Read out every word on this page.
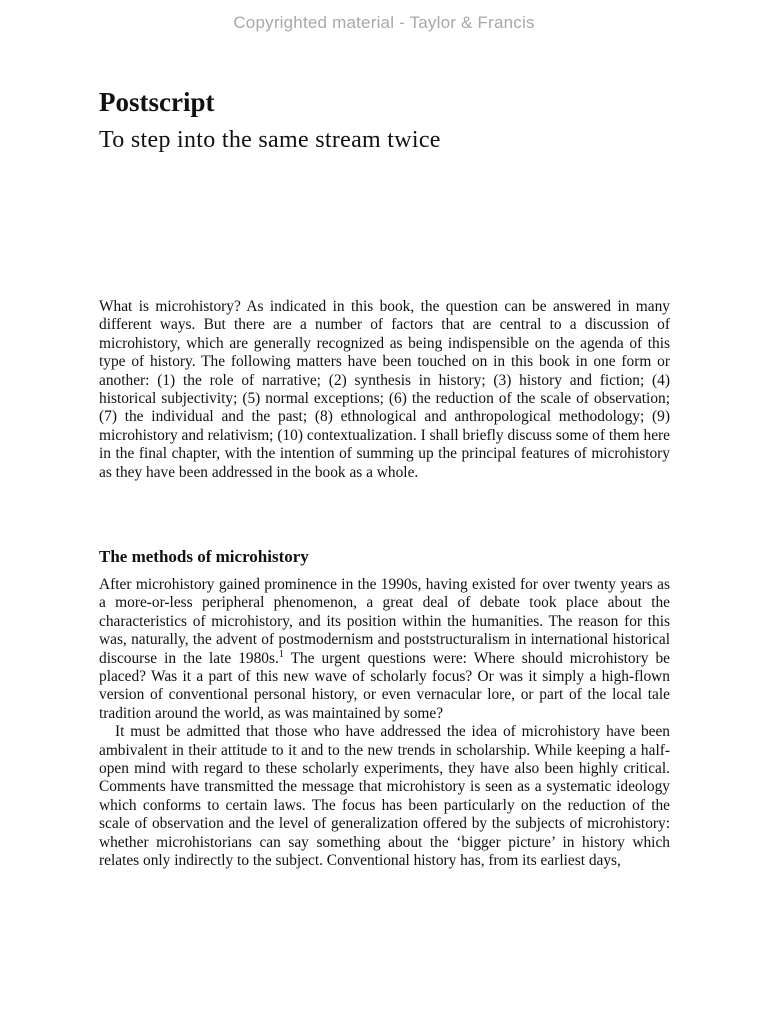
Copyrighted material - Taylor & Francis
Postscript
To step into the same stream twice

What is microhistory? As indicated in this book, the question can be answered in many different ways. But there are a number of factors that are central to a discussion of microhistory, which are generally recognized as being indispensible on the agenda of this type of history. The following matters have been touched on in this book in one form or another: (1) the role of narrative; (2) synthesis in history; (3) history and fiction; (4) historical subjectivity; (5) normal exceptions; (6) the reduction of the scale of observation; (7) the individual and the past; (8) ethnological and anthropological methodology; (9) microhistory and relativism; (10) contextualization. I shall briefly discuss some of them here in the final chapter, with the intention of summing up the principal features of microhistory as they have been addressed in the book as a whole.

The methods of microhistory

After microhistory gained prominence in the 1990s, having existed for over twenty years as a more-or-less peripheral phenomenon, a great deal of debate took place about the characteristics of microhistory, and its position within the humanities. The reason for this was, naturally, the advent of postmodernism and poststructuralism in international historical discourse in the late 1980s.$^1$ The urgent questions were: Where should microhistory be placed? Was it a part of this new wave of scholarly focus? Or was it simply a high-flown version of conventional personal history, or even vernacular lore, or part of the local tale tradition around the world, as was maintained by some?

It must be admitted that those who have addressed the idea of microhistory have been ambivalent in their attitude to it and to the new trends in scholarship. While keeping a half-open mind with regard to these scholarly experiments, they have also been highly critical. Comments have transmitted the message that microhistory is seen as a systematic ideology which conforms to certain laws. The focus has been particularly on the reduction of the scale of observation and the level of generalization offered by the subjects of microhistory: whether microhistorians can say something about the ‘bigger picture’ in history which relates only indirectly to the subject. Conventional history has, from its earliest days,
